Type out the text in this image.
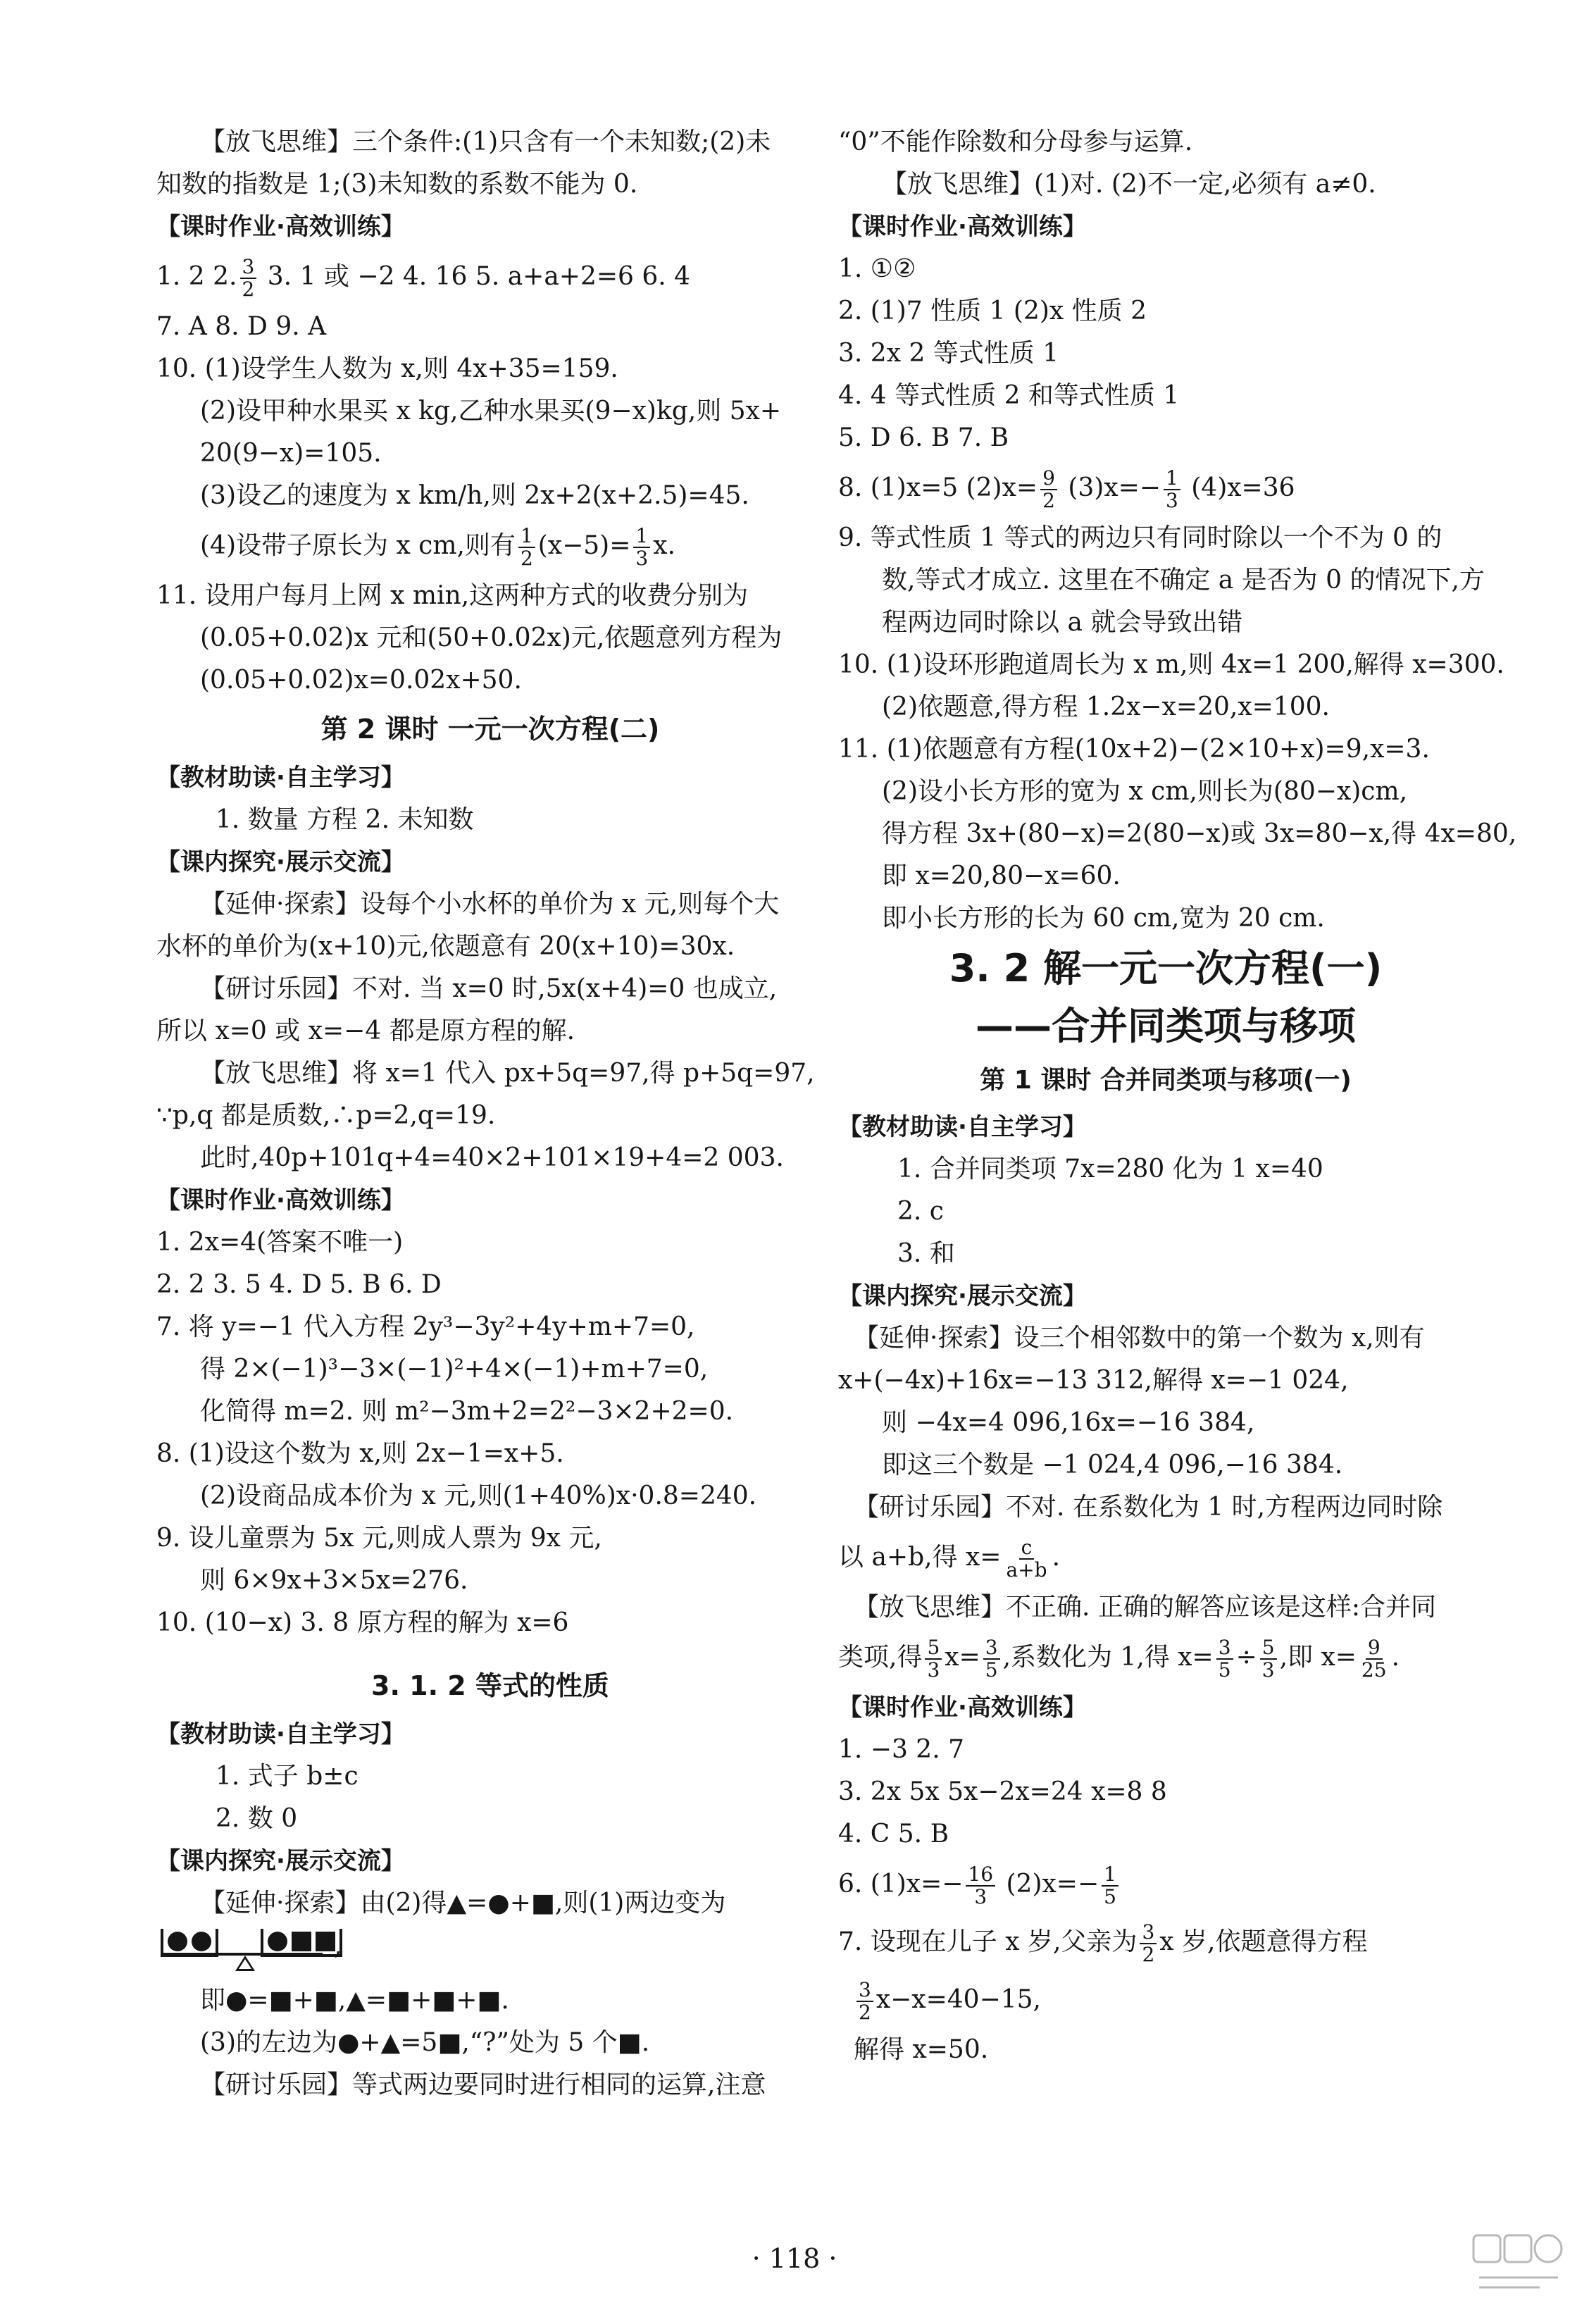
【放飞思维】三个条件:(1)只含有一个未知数;(2)未
知数的指数是 1;(3)未知数的系数不能为 0.
【课时作业·高效训练】
1. 2 2. $\frac{3}{2} 3$. 1 或 −2 4. 16 5. a+a+2=6 6. 4
7. A 8. D 9. A
10. (1)设学生人数为 x,则 4x+35=159.
(2)设甲种水果买 x kg,乙种水果买(9−x)kg,则 5x+
20(9−x)=105.
(3)设乙的速度为 x km/h,则 2x+2(x+2.5)=45.
(4)设带子原长为 x cm,则有 $\frac{1}{2} (x-5)= \frac{1}{3} x$.
11. 设用户每月上网 x min,这两种方式的收费分别为
(0.05+0.02)x 元和(50+0.02x)元,依题意列方程为
(0.05+0.02)x=0.02x+50.
第 2 课时 一元一次方程(二)
【教材助读·自主学习】
1. 数量 方程 2. 未知数
【课内探究·展示交流】
【延伸·探索】设每个小水杯的单价为 x 元,则每个大
水杯的单价为(x+10)元,依题意有 20(x+10)=30x.
【研讨乐园】不对. 当 x=0 时,5x(x+4)=0 也成立,
所以 x=0 或 x=−4 都是原方程的解.
【放飞思维】将 x=1 代入 px+5q=97,得 p+5q=97,
∵p,q 都是质数,∴p=2,q=19.
此时,40p+101q+4=40×2+101×19+4=2 003.
【课时作业·高效训练】
1. 2x=4(答案不唯一)
2. 2 3. 5 4. D 5. B 6. D
7. 将 y=−1 代入方程 2y³−3y²+4y+m+7=0,
得 2×(−1)³−3×(−1)²+4×(−1)+m+7=0,
化简得 m=2. 则 m²−3m+2=2²−3×2+2=0.
8. (1)设这个数为 x,则 2x−1=x+5.
(2)设商品成本价为 x 元,则(1+40%)x·0.8=240.
9. 设儿童票为 5x 元,则成人票为 9x 元,
则 6×9x+3×5x=276.
10. (10−x) 3. 8 原方程的解为 x=6
3. 1. 2 等式的性质
【教材助读·自主学习】
1. 式子 b±c
2. 数 0
【课内探究·展示交流】
【延伸·探索】由(2)得▲=●+■,则(1)两边变为
,
即●=■+■,▲=■+■+■.
(3)的左边为●+▲=5■,“?”处为 5 个■.
【研讨乐园】等式两边要同时进行相同的运算,注意
“0”不能作除数和分母参与运算.
【放飞思维】(1)对. (2)不一定,必须有 a≠0.
【课时作业·高效训练】
1. ①②
2. (1)7 性质 1 (2)x 性质 2
3. 2x 2 等式性质 1
4. 4 等式性质 2 和等式性质 1
5. D 6. B 7. B
8. (1)x=5 $(2)x= \frac{9}{2} (3)x=- \frac{1}{3} (4)x=36$
9. 等式性质 1 等式的两边只有同时除以一个不为 0 的
数,等式才成立. 这里在不确定 a 是否为 0 的情况下,方
程两边同时除以 a 就会导致出错
10. (1)设环形跑道周长为 x m,则 4x=1 200,解得 x=300.
(2)依题意,得方程 1.2x−x=20,x=100.
11. (1)依题意有方程(10x+2)−(2×10+x)=9,x=3.
(2)设小长方形的宽为 x cm,则长为(80−x)cm,
得方程 3x+(80−x)=2(80−x)或 3x=80−x,得 4x=80,
即 x=20,80−x=60.
即小长方形的长为 60 cm,宽为 20 cm.
3. 2 解一元一次方程(一)
——合并同类项与移项
第 1 课时 合并同类项与移项(一)
【教材助读·自主学习】
1. 合并同类项 7x=280 化为 1 x=40
2. c
3. 和
【课内探究·展示交流】
【延伸·探索】设三个相邻数中的第一个数为 x,则有
x+(−4x)+16x=−13 312,解得 x=−1 024,
则 −4x=4 096,16x=−16 384,
即这三个数是 −1 024,4 096,−16 384.
【研讨乐园】不对. 在系数化为 1 时,方程两边同时除
以 a+b,得 $x= \frac{c}{a+b}$ .
【放飞思维】不正确. 正确的解答应该是这样:合并同
类项,得 $\frac{5}{3} x= \frac{3}{5}$ ,系数化为 1,得 $x= \frac{3}{5} \div \frac{5}{3}$ ,即 $x= \frac{9}{25}$ .
【课时作业·高效训练】
1. −3 2. 7
3. 2x 5x 5x−2x=24 x=8 8
4. C 5. B
6. $(1)x=- \frac{16}{3} (2)x=- \frac{1}{5}$
7. 设现在儿子 x 岁,父亲为 $\frac{3}{2}$ x 岁,依题意得方程
$\frac{3}{2} x-x=40-15$,
解得 x=50.
· 118 ·
